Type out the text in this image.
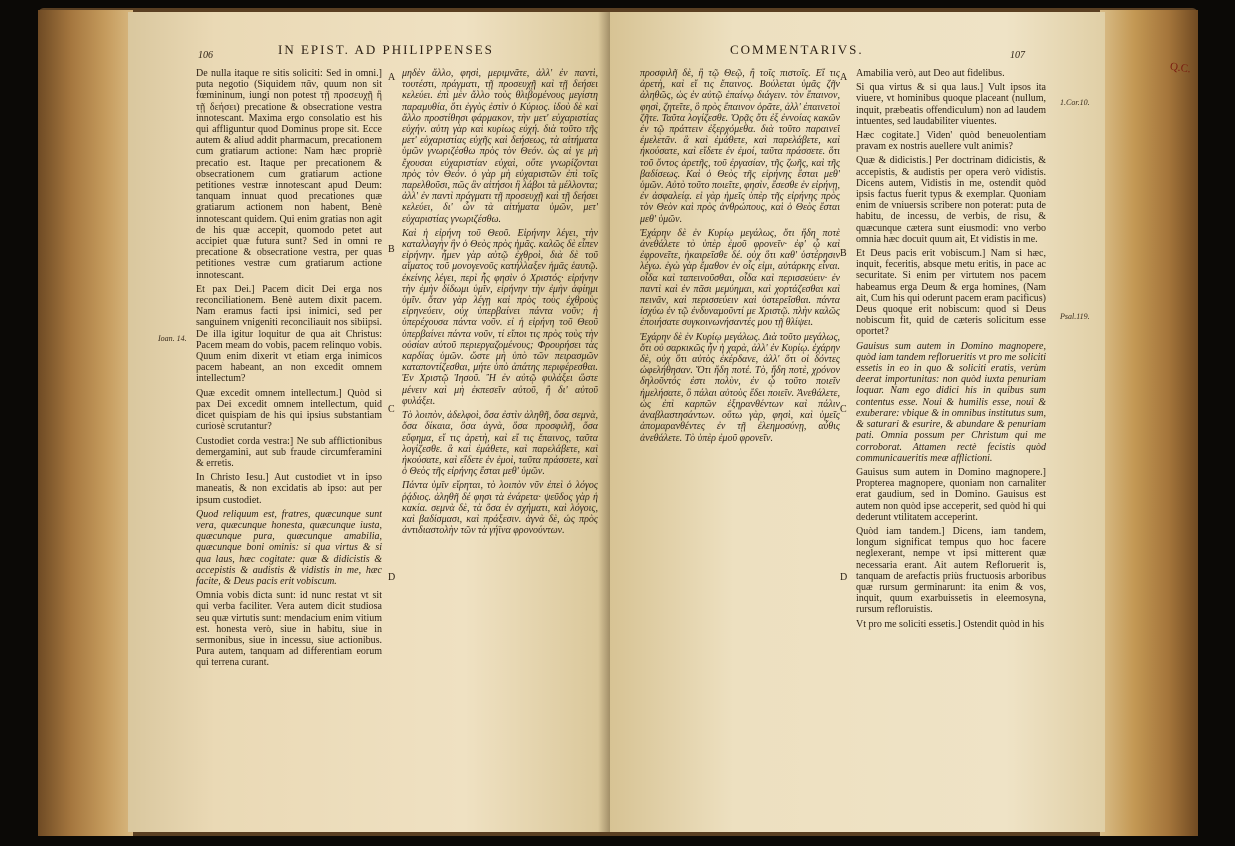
Q.C.
106	IN EPIST. AD PHILIPPENSES

De nulla itaque re sitis soliciti: Sed in omni.] puta negotio (Siquidem πᾶν, quum non sit fœmininum, iungi non potest τῇ προσευχῇ ἢ τῇ δεήσει) precatione & obsecratione vestra innotescant. Maxima ergo consolatio est his qui affliguntur quod Dominus prope sit. Ecce autem & aliud addit pharmacum, precationem cum gratiarum actione: Nam hæc propriè precatio est. Itaque per precationem & obsecrationem cum gratiarum actione petitiones vestræ innotescant apud Deum: tanquam innuat quod precationes quæ gratiarum actionem non habent, Benè innotescant quidem. Qui enim gratias non agit de his quæ accepit, quomodo petet aut accipiet quæ futura sunt? Sed in omni re precatione & obsecratione vestra, per quas petitiones vestræ cum gratiarum actione innotescant.

Et pax Dei.] Pacem dicit Dei erga nos reconciliationem. Benè autem dixit pacem. Nam eramus facti ipsi inimici, sed per sanguinem vnigeniti reconciliauit nos sibiipsi. De illa igitur loquitur de qua ait Christus: Pacem meam do vobis, pacem relinquo vobis. Quum enim dixerit vt etiam erga inimicos pacem habeant, an non excedit omnem intellectum?

Quæ excedit omnem intellectum.] Quòd si pax Dei excedit omnem intellectum, quid dicet quispiam de his qui ipsius substantiam curiosè scrutantur?

Custodiet corda vestra:] Ne sub afflictionibus demergamini, aut sub fraude circumferamini & erretis.

In Christo Iesu.] Aut custodiet vt in ipso maneatis, & non excidatis ab ipso: aut per ipsum custodiet.

Quod reliquum est, fratres, quæcunque sunt vera, quæcunque honesta, quæcunque iusta, quæcunque pura, quæcunque amabilia, quæcunque boni ominis: si qua virtus & si qua laus, hæc cogitate: quæ & didicistis & accepistis & audistis & vidistis in me, hæc facite, & Deus pacis erit vobiscum.

Omnia vobis dicta sunt: id nunc restat vt sit qui verba faciliter. Vera autem dicit studiosa seu quæ virtutis sunt: mendacium enim vitium est. honesta verò, siue in habitu, siue in sermonibus, siue in incessu, siue actionibus. Pura autem, tanquam ad differentiam eorum qui terrena curant.

Ioan. 14.
A
B
C
D

μηδὲν ἄλλο, φησὶ, μεριμνᾶτε, ἀλλ' ἐν παντὶ, τουτέστι, πράγματι, τῇ προσευχῇ καὶ τῇ δεήσει κελεύει. ἐπὶ μὲν ἄλλο τοὺς θλιβομένους μεγίστη παραμυθία, ὅτι ἐγγὺς ἐστὶν ὁ Κύριος. ἰδοὺ δὲ καὶ ἄλλο προστίθησι φάρμακον, τὴν μετ' εὐχαριστίας εὐχήν. αὐτη γὰρ καὶ κυρίως εὐχή. διὰ τοῦτο τῆς μετ' εὐχαριστίας εὐχῆς καὶ δεήσεως, τὰ αἰτήματα ὑμῶν γνωριζέσθω πρὸς τὸν Θεόν. ὡς αἱ γε μὴ ἔχουσαι εὐχαριστίαν εὐχαὶ, οὔτε γνωρίζονται πρὸς τὸν Θεόν. ὁ γὰρ μὴ εὐχαριστῶν ἐπὶ τοῖς παρελθοῦσι, πῶς ἂν αἰτήσοι ἢ λάβοι τὰ μέλλοντα; ἀλλ' ἐν παντὶ πράγματι τῇ προσευχῇ καὶ τῇ δεήσει κελεύει, δι' ὧν τὰ αἰτήματα ὑμῶν, μετ' εὐχαριστίας γνωριζέσθω.

Καὶ ἡ εἰρήνη τοῦ Θεοῦ. Εἰρήνην λέγει, τὴν καταλλαγὴν ἣν ὁ Θεὸς πρὸς ἡμᾶς. καλῶς δὲ εἶπεν εἰρήνην. ἦμεν γὰρ αὐτῷ ἐχθροὶ, διὰ δὲ τοῦ αἵματος τοῦ μονογενοῦς κατήλλαξεν ἡμᾶς ἑαυτῷ. ἐκείνης λέγει, περὶ ἧς φησὶν ὁ Χριστός· εἰρήνην τὴν ἐμὴν δίδωμι ὑμῖν, εἰρήνην τὴν ἐμὴν ἀφίημι ὑμῖν. ὅταν γὰρ λέγῃ καὶ πρὸς τοὺς ἐχθροὺς εἰρηνεύειν, οὐχ ὑπερβαίνει πάντα νοῦν; ἡ ὑπερέχουσα πάντα νοῦν. εἰ ἡ εἰρήνη τοῦ Θεοῦ ὑπερβαίνει πάντα νοῦν, τί εἴποι τις πρὸς τοὺς τὴν οὐσίαν αὐτοῦ περιεργαζομένους; Φρουρήσει τὰς καρδίας ὑμῶν. ὥστε μὴ ὑπὸ τῶν πειρασμῶν καταποντίζεσθαι, μήτε ὑπὸ ἀπάτης περιφέρεσθαι. Ἐν Χριστῷ Ἰησοῦ. Ἢ ἐν αὐτῷ φυλάξει ὥστε μένειν καὶ μὴ ἐκπεσεῖν αὐτοῦ, ἢ δι' αὐτοῦ φυλάξει.

Τὸ λοιπὸν, ἀδελφοὶ, ὅσα ἐστὶν ἀληθῆ, ὅσα σεμνὰ, ὅσα δίκαια, ὅσα ἁγνὰ, ὅσα προσφιλῆ, ὅσα εὔφημα, εἴ τις ἀρετὴ, καὶ εἴ τις ἔπαινος, ταῦτα λογίζεσθε. ἃ καὶ ἐμάθετε, καὶ παρελάβετε, καὶ ἠκούσατε, καὶ εἴδετε ἐν ἐμοὶ, ταῦτα πράσσετε, καὶ ὁ Θεὸς τῆς εἰρήνης ἔσται μεθ' ὑμῶν.

Πάντα ὑμῖν εἴρηται, τὸ λοιπὸν νῦν ἐπεὶ ὁ λόγος ῥᾴδιος. ἀληθῆ δέ φησι τὰ ἐνάρετα· ψεῦδος γὰρ ἡ κακία. σεμνὰ δὲ, τὰ ὅσα ἐν σχήματι, καὶ λόγοις, καὶ βαδίσμασι, καὶ πράξεσιν. ἁγνὰ δὲ, ὡς πρὸς ἀντιδιαστολὴν τῶν τὰ γήϊνα φρονούντων.

COMMENTARIVS.	107

προσφιλῆ δὲ, ἢ τῷ Θεῷ, ἢ τοῖς πιστοῖς. Εἴ τις ἀρετὴ, καὶ εἴ τις ἔπαινος. Βούλεται ὑμᾶς ζῆν ἀληθῶς, ὡς ἐν αὐτῷ ἐπαίνῳ διάγειν. τὸν ἔπαινον, φησὶ, ζητεῖτε, ὃ πρὸς ἔπαινον ὁρᾶτε, ἀλλ' ἐπαινετοὶ ζῆτε. Ταῦτα λογίζεσθε. Ὁρᾷς ὅτι ἐξ ἐννοίας κακῶν ἐν τῷ πράττειν ἐξερχόμεθα. διὰ τοῦτο παραινεῖ ἐμελετᾶν. ἃ καὶ ἐμάθετε, καὶ παρελάβετε, καὶ ἠκούσατε, καὶ εἴδετε ἐν ἐμοί, ταῦτα πράσσετε. ὅτι τοῦ ὄντος ἀρετῆς, τοῦ ἐργασίαν, τῆς ζωῆς, καὶ τῆς βαδίσεως. Καὶ ὁ Θεὸς τῆς εἰρήνης ἔσται μεθ' ὑμῶν. Αὐτὸ τοῦτο ποιεῖτε, φησὶν, ἔσεσθε ἐν εἰρήνῃ, ἐν ἀσφαλείᾳ. εἰ γὰρ ἡμεῖς ὑπὲρ τῆς εἰρήνης πρὸς τὸν Θεὸν καὶ πρὸς ἀνθρώπους, καὶ ὁ Θεὸς ἔσται μεθ' ὑμῶν.

Ἐχάρην δὲ ἐν Κυρίῳ μεγάλως, ὅτι ἤδη ποτὲ ἀνεθάλετε τὸ ὑπὲρ ἐμοῦ φρονεῖν· ἐφ' ᾧ καὶ ἐφρονεῖτε, ἠκαιρεῖσθε δέ. οὐχ ὅτι καθ' ὑστέρησιν λέγω. ἐγὼ γὰρ ἔμαθον ἐν οἷς εἰμι, αὐτάρκης εἶναι. οἶδα καὶ ταπεινοῦσθαι, οἶδα καὶ περισσεύειν· ἐν παντὶ καὶ ἐν πᾶσι μεμύημαι, καὶ χορτάζεσθαι καὶ πεινᾶν, καὶ περισσεύειν καὶ ὑστερεῖσθαι. πάντα ἰσχύω ἐν τῷ ἐνδυναμοῦντί με Χριστῷ. πλὴν καλῶς ἐποιήσατε συγκοινωνήσαντές μου τῇ θλίψει.

Ἐχάρην δὲ ἐν Κυρίῳ μεγάλως. Διὰ τοῦτο μεγάλως, ὅτι οὐ σαρκικῶς ἦν ἡ χαρὰ, ἀλλ' ἐν Κυρίῳ. ἐχάρην δὲ, οὐχ ὅτι αὐτὸς ἐκέρδανε, ἀλλ' ὅτι οἱ δόντες ὠφελήθησαν. Ὅτι ἤδη ποτέ. Τὸ, ἤδη ποτὲ, χρόνον δηλοῦντός ἐστι πολὺν, ἐν ᾧ τοῦτο ποιεῖν ἠμελήσατε, ὃ πάλαι αὐτοὺς ἔδει ποιεῖν. Ἀνεθάλετε, ὡς ἐπὶ καρπῶν ἐξηρανθέντων καὶ πάλιν ἀναβλαστησάντων. οὕτω γὰρ, φησὶ, καὶ ὑμεῖς ἀπομαρανθέντες ἐν τῇ ἐλεημοσύνῃ, αὖθις ἀνεθάλετε. Τὸ ὑπὲρ ἐμοῦ φρονεῖν.

A
B
C
D

Amabilia verò, aut Deo aut fidelibus.

Si qua virtus & si qua laus.] Vult ipsos ita viuere, vt hominibus quoque placeant (nullum, inquit, præbeatis offendiculum) non ad laudem intuentes, sed laudabiliter viuentes.

Hæc cogitate.] Viden' quòd beneuolentiam pravam ex nostris auellere vult animis?

Quæ & didicistis.] Per doctrinam didicistis, & accepistis, & audistis per opera verò vidistis. Dicens autem, Vidistis in me, ostendit quòd ipsis factus fuerit typus & exemplar. Quoniam enim de vniuersis scribere non poterat: puta de habitu, de incessu, de verbis, de risu, & quæcunque cætera sunt eiusmodi: vno verbo omnia hæc docuit quum ait, Et vidistis in me.

Et Deus pacis erit vobiscum.] Nam si hæc, inquit, feceritis, absque metu eritis, in pace ac securitate. Si enim per virtutem nos pacem habeamus erga Deum & erga homines, (Nam ait, Cum his qui oderunt pacem eram pacificus) Deus quoque erit nobiscum: quod si Deus nobiscum fit, quid de cæteris solicitum esse oportet?

Gauisus sum autem in Domino magnopere, quòd iam tandem reflorueritis vt pro me soliciti essetis in eo in quo & soliciti eratis, verùm deerat importunitas: non quòd iuxta penuriam loquar. Nam ego didici his in quibus sum contentus esse. Noui & humilis esse, noui & exuberare: vbique & in omnibus institutus sum, & saturari & esurire, & abundare & penuriam pati. Omnia possum per Christum qui me corroborat. Attamen rectè fecistis quòd communicaueritis meæ afflictioni.

Gauisus sum autem in Domino magnopere.] Propterea magnopere, quoniam non carnaliter erat gaudium, sed in Domino. Gauisus est autem non quòd ipse acceperit, sed quòd hi qui dederunt vtilitatem acceperint.

Quòd iam tandem.] Dicens, iam tandem, longum significat tempus quo hoc facere neglexerant, nempe vt ipsi mitterent quæ necessaria erant. Ait autem Refloruerit is, tanquam de arefactis priùs fructuosis arboribus quæ rursum germinarunt: ita enim & vos, inquit, quum exarbuissetis in eleemosyna, rursum refloruistis.

Vt pro me soliciti essetis.] Ostendit quòd in his

1.Cor.10.
Psal.119.
